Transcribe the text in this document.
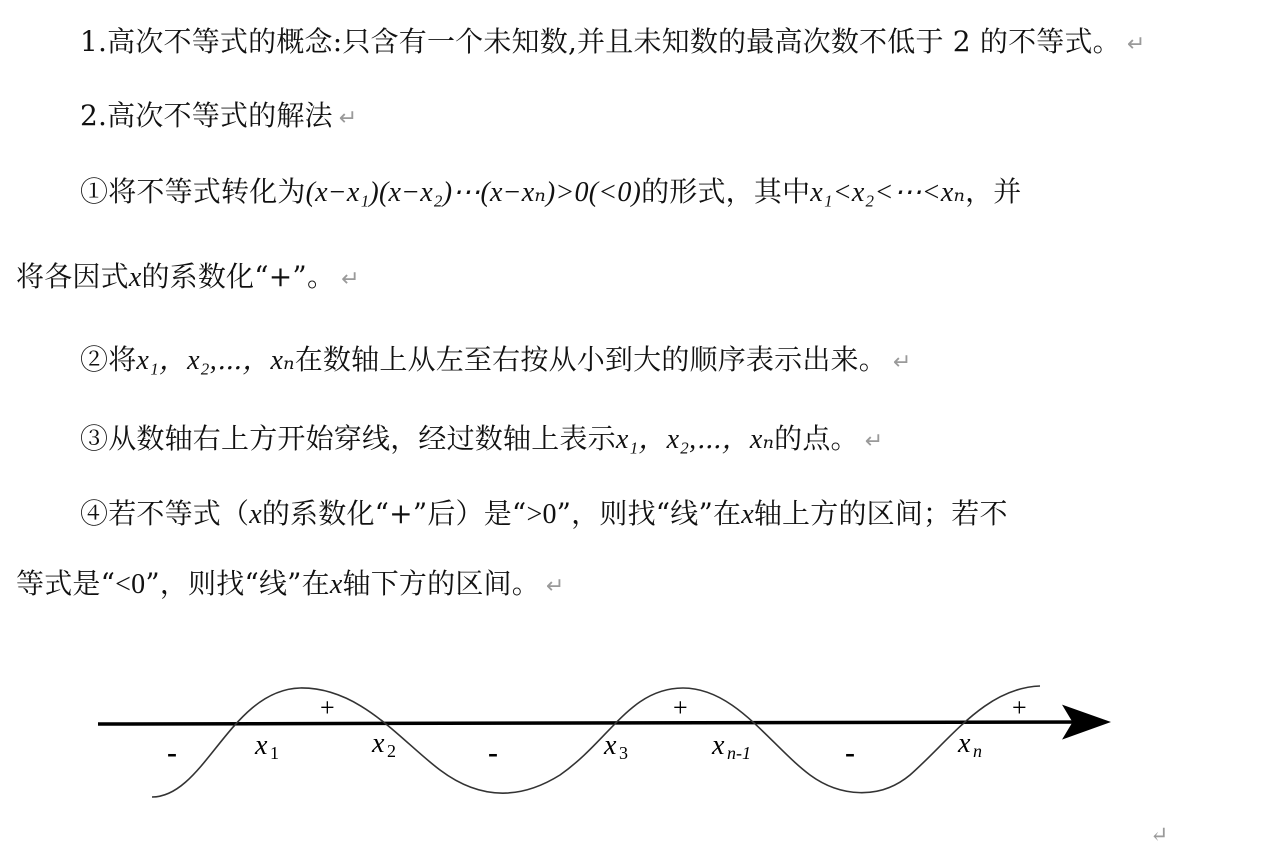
1.高次不等式的概念:只含有一个未知数,并且未知数的最高次数不低于 2 的不等式。 ↵
2.高次不等式的解法 ↵
①将不等式转化为(x−x₁)(x−x₂)⋯(x−xₙ)>0(<0)的形式，其中x₁<x₂<⋯<xₙ，并
将各因式x的系数化“+”。 ↵
②将x₁，x₂,⋯，xₙ在数轴上从左至右按从小到大的顺序表示出来。 ↵
③从数轴右上方开始穿线，经过数轴上表示x₁，x₂,⋯，xₙ的点。 ↵
④若不等式（x的系数化“+”后）是“>0”，则找“线”在x轴上方的区间；若不
等式是“<0”，则找“线”在x轴下方的区间。 ↵
x 1	x 2	x 3	x n-1	x n
+	+	+
-	-	-
↵
